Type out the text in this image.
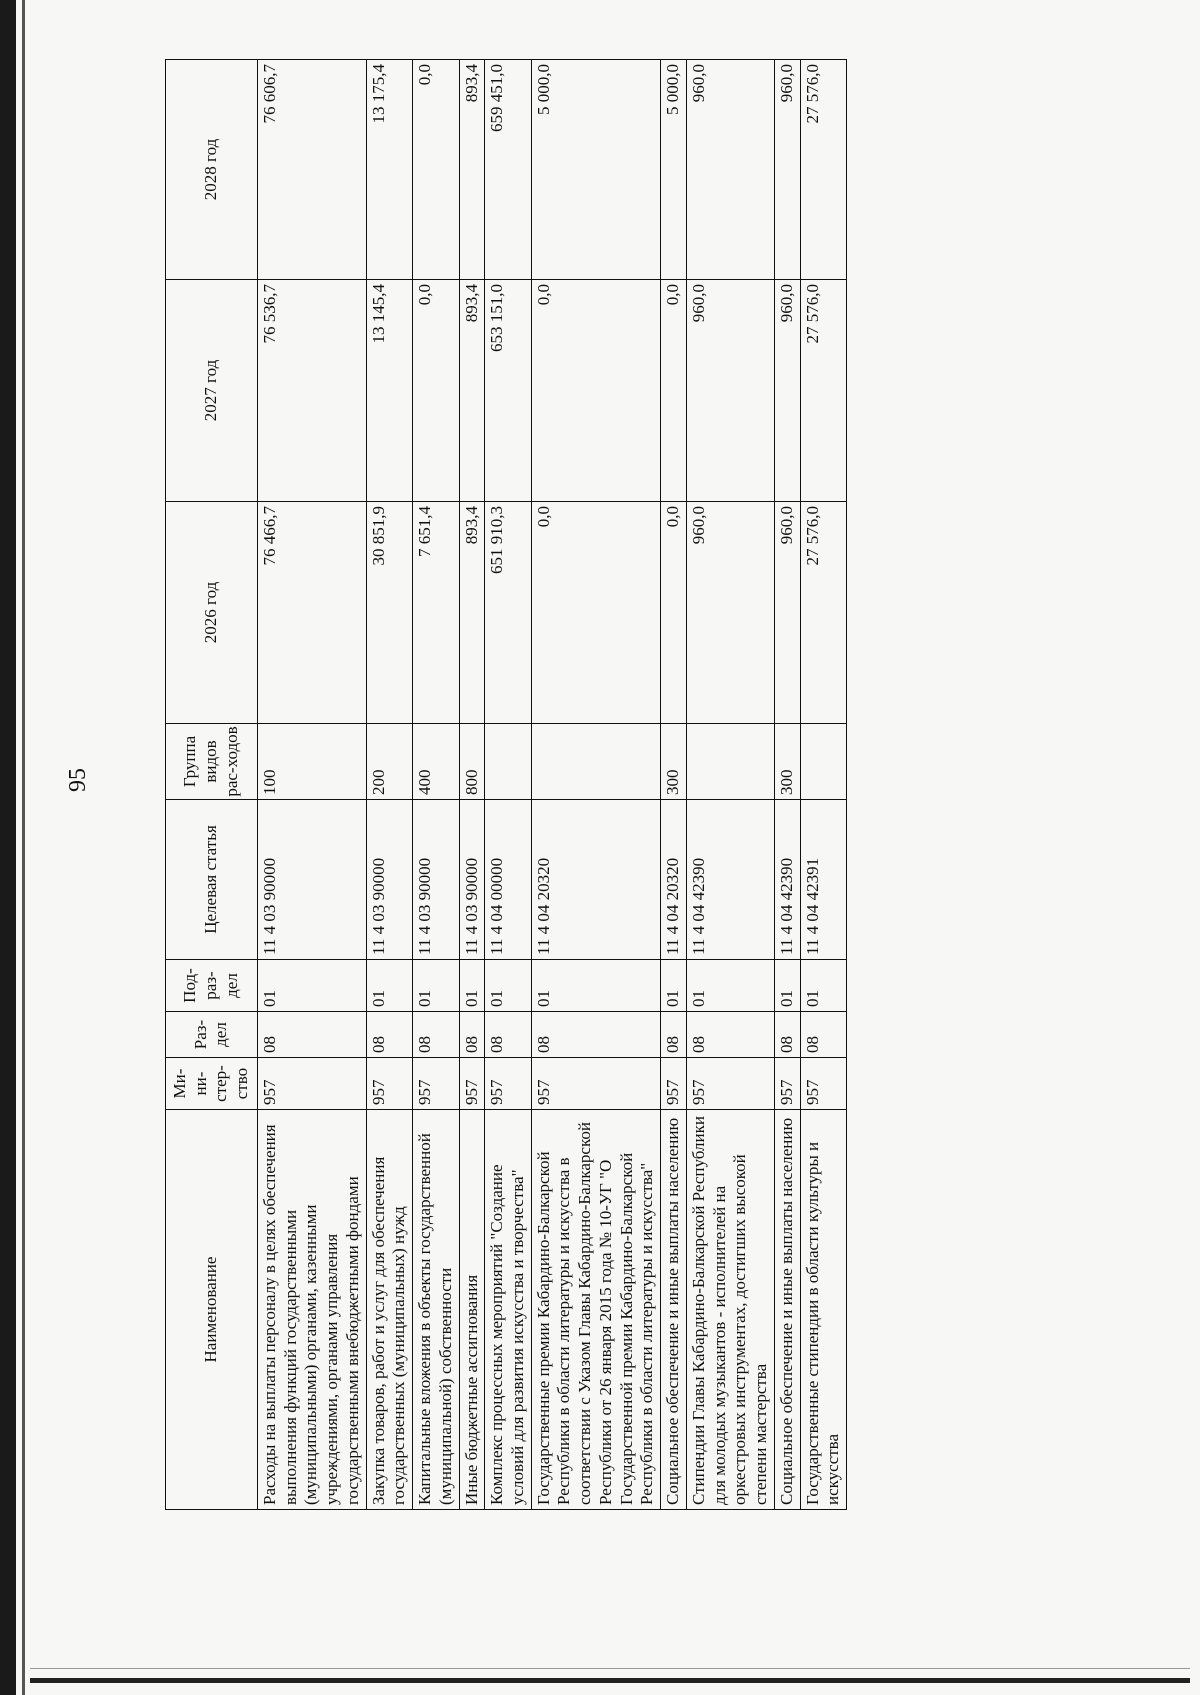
95
Наименование	Ми-ни-стер-ство	Раз-дел	Под-раз-дел	Целевая статья	Группа видов рас-ходов	2026 год	2027 год	2028 год
Расходы на выплаты персоналу в целях обеспечения выполнения функций государственными (муниципальными) органами, казенными учреждениями, органами управления государственными внебюджетными фондами	957	08	01	11 4 03 90000	100	76 466,7	76 536,7	76 606,7
Закупка товаров, работ и услуг для обеспечения государственных (муниципальных) нужд	957	08	01	11 4 03 90000	200	30 851,9	13 145,4	13 175,4
Капитальные вложения в объекты государственной (муниципальной) собственности	957	08	01	11 4 03 90000	400	7 651,4	0,0	0,0
Иные бюджетные ассигнования	957	08	01	11 4 03 90000	800	893,4	893,4	893,4
Комплекс процессных мероприятий "Создание условий для развития искусства и творчества"	957	08	01	11 4 04 00000		651 910,3	653 151,0	659 451,0
Государственные премии Кабардино-Балкарской Республики в области литературы и искусства в соответствии с Указом Главы Кабардино-Балкарской Республики от 26 января 2015 года № 10-УГ "О Государственной премии Кабардино-Балкарской Республики в области литературы и искусства"	957	08	01	11 4 04 20320		0,0	0,0	5 000,0
Социальное обеспечение и иные выплаты населению	957	08	01	11 4 04 20320	300	0,0	0,0	5 000,0
Стипендии Главы Кабардино-Балкарской Республики для молодых музыкантов - исполнителей на оркестровых инструментах, достигших высокой степени мастерства	957	08	01	11 4 04 42390		960,0	960,0	960,0
Социальное обеспечение и иные выплаты населению	957	08	01	11 4 04 42390	300	960,0	960,0	960,0
Государственные стипендии в области культуры и искусства	957	08	01	11 4 04 42391		27 576,0	27 576,0	27 576,0
